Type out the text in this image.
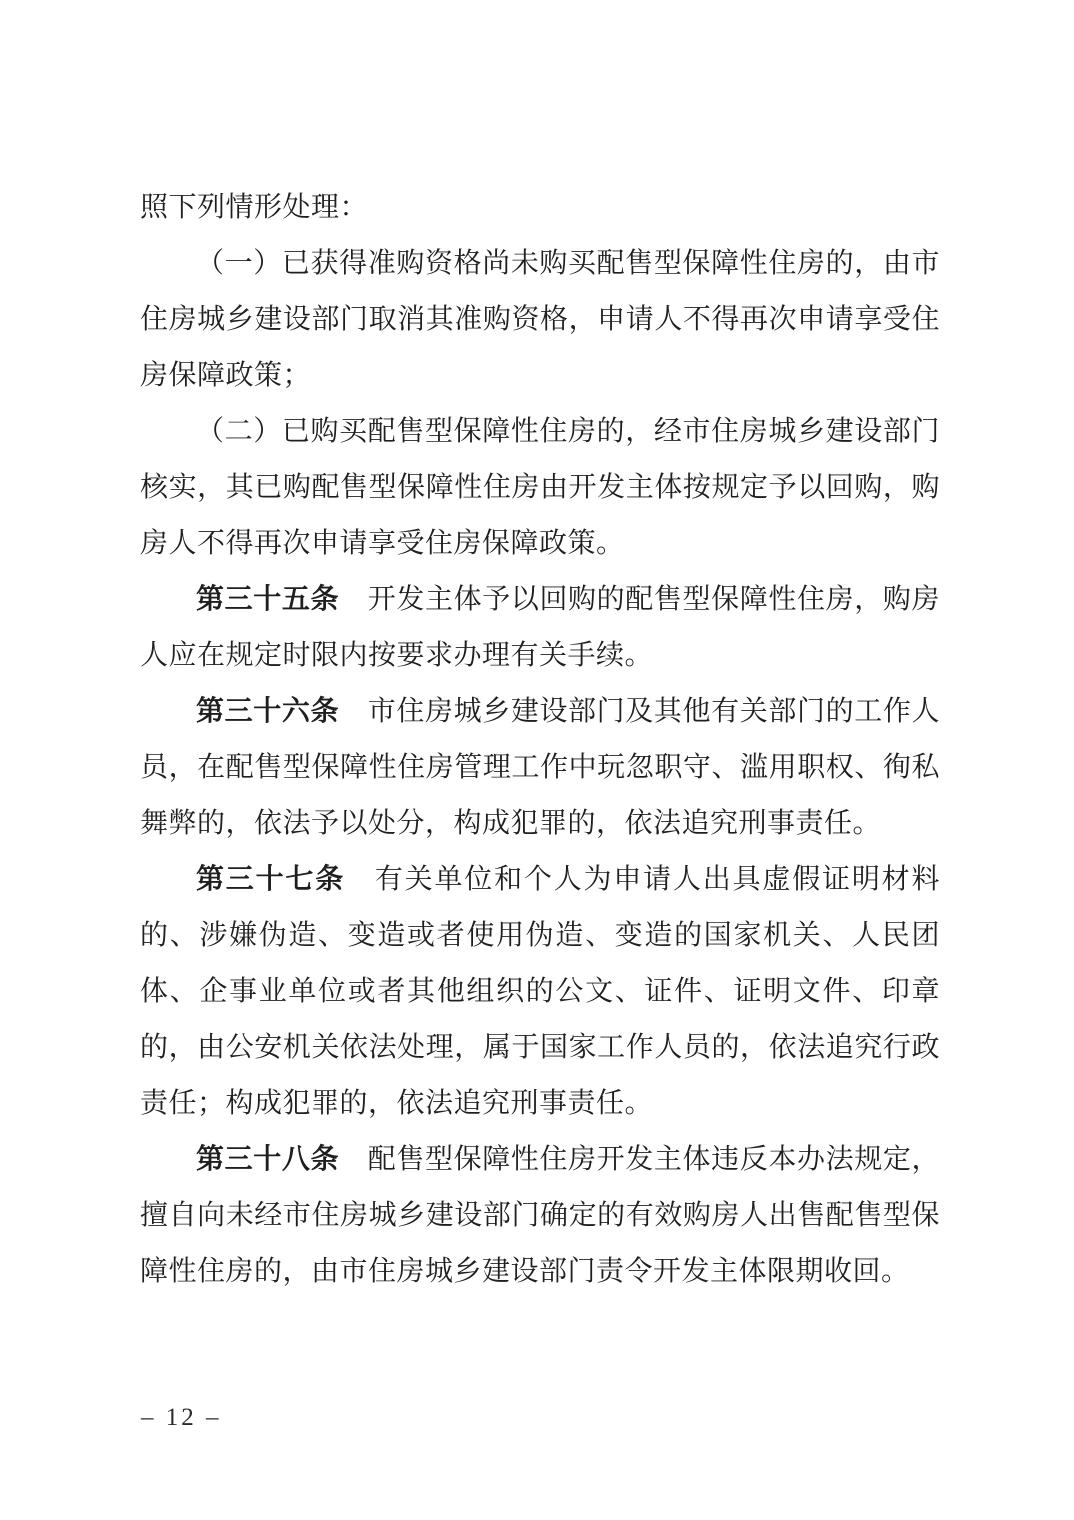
照下列情形处理：

（一）已获得准购资格尚未购买配售型保障性住房的，由市住房城乡建设部门取消其准购资格，申请人不得再次申请享受住房保障政策；

（二）已购买配售型保障性住房的，经市住房城乡建设部门核实，其已购配售型保障性住房由开发主体按规定予以回购，购房人不得再次申请享受住房保障政策。

第三十五条　开发主体予以回购的配售型保障性住房，购房人应在规定时限内按要求办理有关手续。

第三十六条　市住房城乡建设部门及其他有关部门的工作人员，在配售型保障性住房管理工作中玩忽职守、滥用职权、徇私舞弊的，依法予以处分，构成犯罪的，依法追究刑事责任。

第三十七条　有关单位和个人为申请人出具虚假证明材料的、涉嫌伪造、变造或者使用伪造、变造的国家机关、人民团体、企事业单位或者其他组织的公文、证件、证明文件、印章的，由公安机关依法处理，属于国家工作人员的，依法追究行政责任；构成犯罪的，依法追究刑事责任。

第三十八条　配售型保障性住房开发主体违反本办法规定，擅自向未经市住房城乡建设部门确定的有效购房人出售配售型保障性住房的，由市住房城乡建设部门责令开发主体限期收回。

– 12 –
